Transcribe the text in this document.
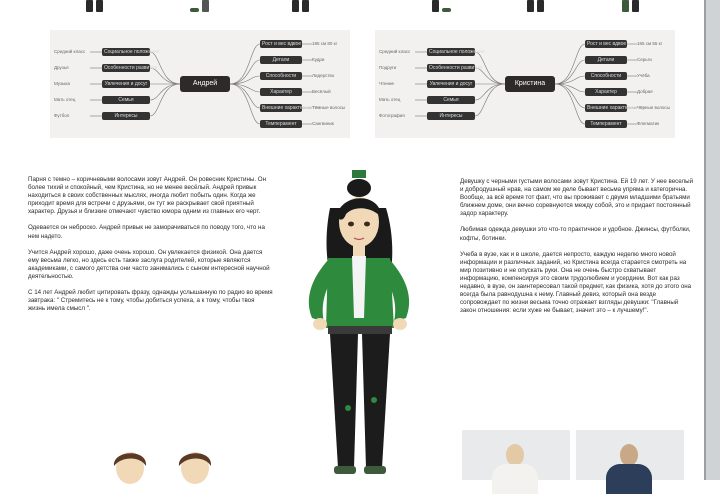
Андрей
Социальное положение
Особенности развития
Увлечения и досуг
Семья
Интересы
Средний класс
Друзья
Музыка
Мать отец
Футбол
Рост и вес вдвое
Детали
Способности
Характер
Внешние характеристики
Темперамент
185 см 80 кг
Кудри
Лидерство
Весёлый
Тёмные волосы
Сангвиник
Кристина
Социальное положение
Особенности развития
Увлечения и досуг
Семья
Интересы
Средний класс
Подруги
Чтение
Мать отец
Фотография
Рост и вес вдвое
Детали
Способности
Характер
Внешние характеристики
Темперамент
165 см 55 кг
Серьги
Учёба
Добрая
Чёрные волосы
Флегматик

Парня с темно – коричневыми волосами зовут Андрей. Он ровесник Кристины. Он более тихий и спокойный, чем Кристина, но не менее весёлый. Андрей привык находиться в своих собственных мыслях, иногда любит побыть один. Когда же приходит время для встречи с друзьями, он тут же раскрывает свой приятный характер. Друзья и близкие отмечают чувство юмора одним из главных его черт.

Одевается он неброско. Андрей привык не заморачиваться по поводу того, что на нем надето.

Учится Андрей хорошо, даже очень хорошо. Он увлекается физикой. Она дается ему весьма легко, но здесь есть также заслуга родителей, которые являются академиками, с самого детства они часто занимались с сыном интересной научной деятельностью.

С 14 лет Андрей любит цитировать фразу, однажды услышанную по радио во время завтрака: " Стремитесь не к тому, чтобы добиться успеха, а к тому, чтобы твоя жизнь имела смысл ".

Девушку с черными густыми волосами зовут Кристина. Ей 19 лет. У нее веселый и добродушный нрав, на самом же деле бывает весьма упряма и категорична. Вообще, за всё время тот факт, что вы проживает с двумя младшими братьями ближнем доме, они вечно соревнуются между собой, это и придает постоянный задор характеру.

Любимая одежда девушки это что-то практичное и удобное. Джинсы, футболки, кофты, ботинки.

Учеба в вузе, как и в школе, дается непросто, каждую неделю много новой информации и различных заданий, но Кристина всегда старается смотреть на мир позитивно и не опускать руки. Она не очень быстро схватывает информацию, компенсируя это своим трудолюбием и усердием. Вот как раз недавно, в вузе, он заинтересовал такой предмет, как физика, хотя до этого она всегда была равнодушна к нему. Главный девиз, который она везде сопровождает по жизни весьма точно отражает взгляды девушки: "Главный закон отношения: если хуже не бывает, значит это – к лучшему!".
